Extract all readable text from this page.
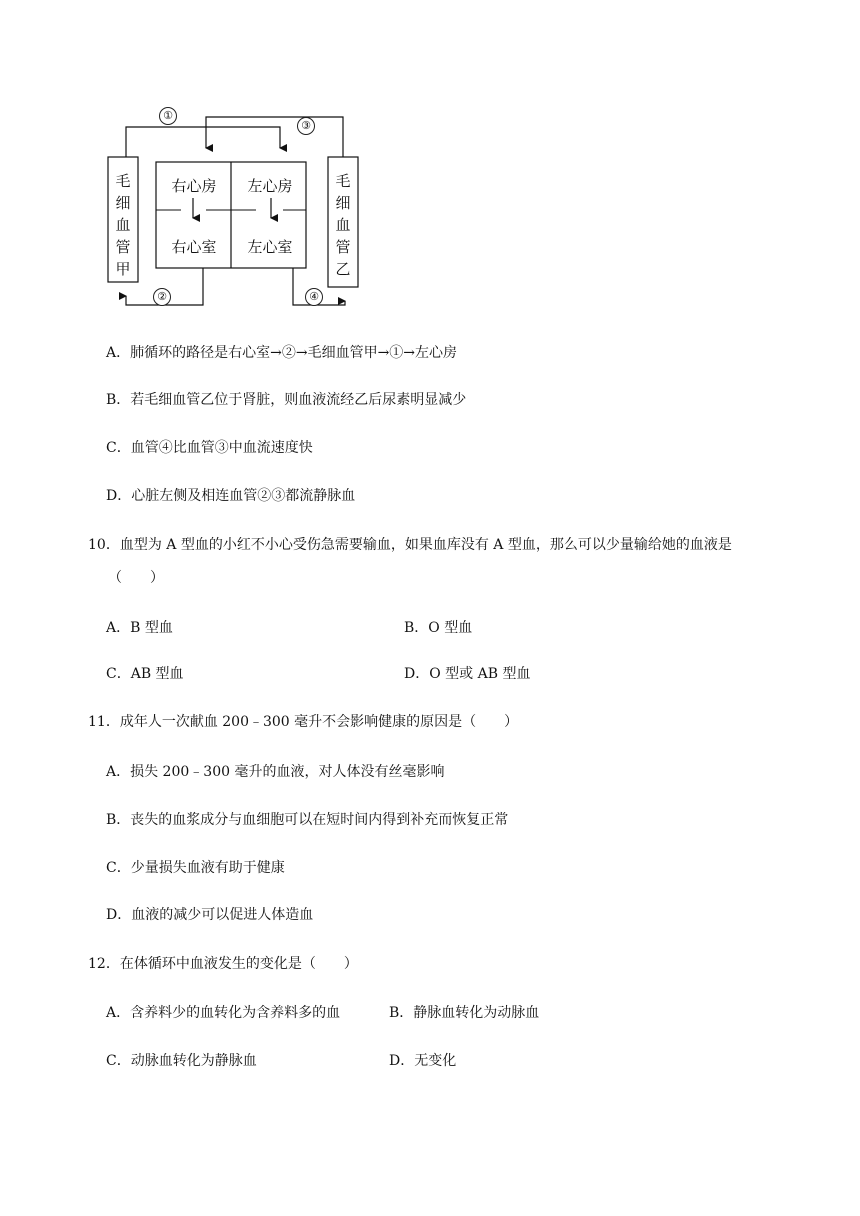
毛
细
血
管
甲
毛
细
血
管
乙
右心房
右心室
左心房
左心室
①
③
②	④
A．肺循环的路径是右心室→②→毛细血管甲→①→左心房
B．若毛细血管乙位于肾脏，则血液流经乙后尿素明显减少
C．血管④比血管③中血流速度快
D．心脏左侧及相连血管②③都流静脉血
10．血型为 A 型血的小红不小心受伤急需要输血，如果血库没有 A 型血，那么可以少量输给她的血液是
（　　）
A．B 型血	B．O 型血
C．AB 型血	D．O 型或 AB 型血
11．成年人一次献血 200﹣300 毫升不会影响健康的原因是（　　）
A．损失 200﹣300 毫升的血液，对人体没有丝毫影响
B．丧失的血浆成分与血细胞可以在短时间内得到补充而恢复正常
C．少量损失血液有助于健康
D．血液的减少可以促进人体造血
12．在体循环中血液发生的变化是（　　）
A．含养料少的血转化为含养料多的血	B．静脉血转化为动脉血
C．动脉血转化为静脉血	D．无变化
